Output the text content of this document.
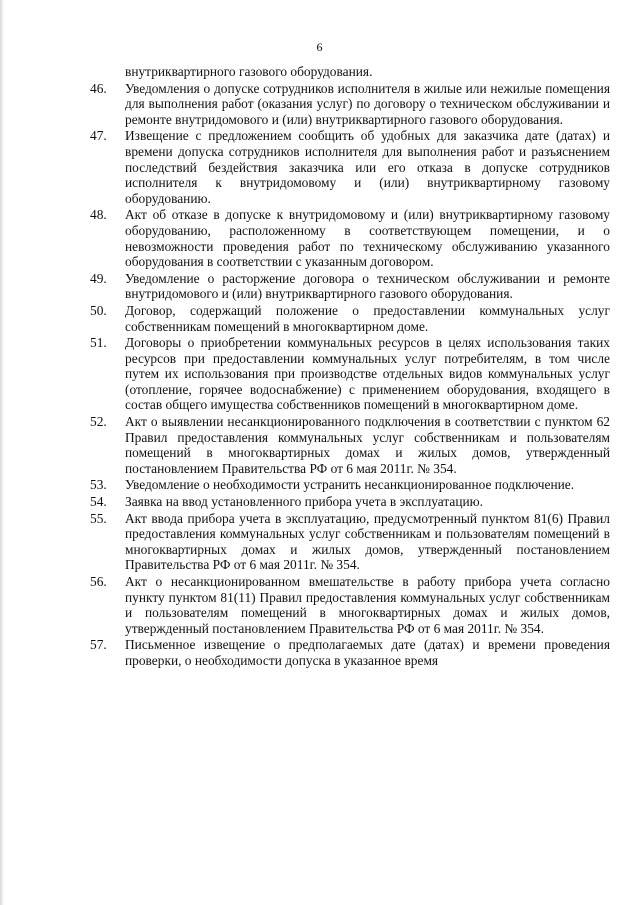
6
внутриквартирного газового оборудования.
46. Уведомления о допуске сотрудников исполнителя в жилые или нежилые помещения для выполнения работ (оказания услуг) по договору о техническом обслуживании и ремонте внутридомового и (или) внутриквартирного газового оборудования.
47. Извещение с предложением сообщить об удобных для заказчика дате (датах) и времени допуска сотрудников исполнителя для выполнения работ и разъяснением последствий бездействия заказчика или его отказа в допуске сотрудников исполнителя к внутридомовому и (или) внутриквартирному газовому оборудованию.
48. Акт об отказе в допуске к внутридомовому и (или) внутриквартирному газовому оборудованию, расположенному в соответствующем помещении, и о невозможности проведения работ по техническому обслуживанию указанного оборудования в соответствии с указанным договором.
49. Уведомление о расторжение договора о техническом обслуживании и ремонте внутридомового и (или) внутриквартирного газового оборудования.
50. Договор, содержащий положение о предоставлении коммунальных услуг собственникам помещений в многоквартирном доме.
51. Договоры о приобретении коммунальных ресурсов в целях использования таких ресурсов при предоставлении коммунальных услуг потребителям, в том числе путем их использования при производстве отдельных видов коммунальных услуг (отопление, горячее водоснабжение) с применением оборудования, входящего в состав общего имущества собственников помещений в многоквартирном доме.
52. Акт о выявлении несанкционированного подключения в соответствии с пунктом 62 Правил предоставления коммунальных услуг собственникам и пользователям помещений в многоквартирных домах и жилых домов, утвержденный постановлением Правительства РФ от 6 мая 2011г. № 354.
53. Уведомление о необходимости устранить несанкционированное подключение.
54. Заявка на ввод установленного прибора учета в эксплуатацию.
55. Акт ввода прибора учета в эксплуатацию, предусмотренный пунктом 81(6) Правил предоставления коммунальных услуг собственникам и пользователям помещений в многоквартирных домах и жилых домов, утвержденный постановлением Правительства РФ от 6 мая 2011г. № 354.
56. Акт о несанкционированном вмешательстве в работу прибора учета согласно пункту пунктом 81(11) Правил предоставления коммунальных услуг собственникам и пользователям помещений в многоквартирных домах и жилых домов, утвержденный постановлением Правительства РФ от 6 мая 2011г. № 354.
57. Письменное извещение о предполагаемых дате (датах) и времени проведения проверки, о необходимости допуска в указанное время
